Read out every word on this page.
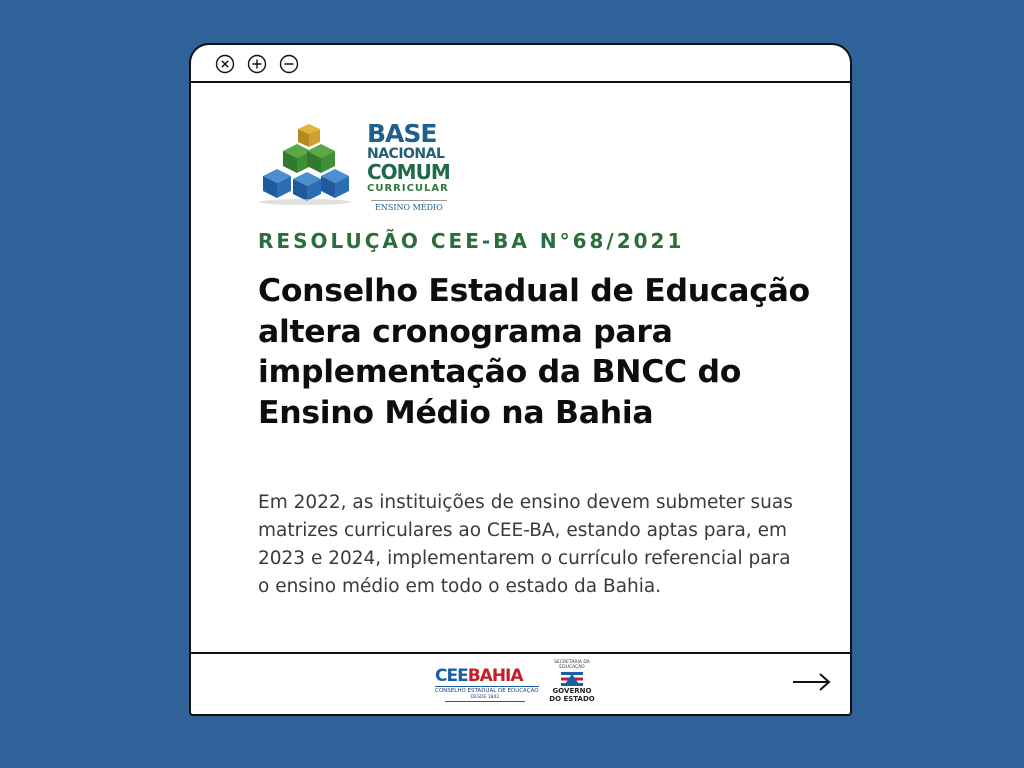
BASE
NACIONAL
COMUM
CURRICULAR
ENSINO MÉDIO
RESOLUÇÃO CEE-BA N°68/2021
Conselho Estadual de Educação altera cronograma para implementação da BNCC do Ensino Médio na Bahia
Em 2022, as instituições de ensino devem submeter suas matrizes curriculares ao CEE-BA, estando aptas para, em 2023 e 2024, implementarem o currículo referencial para o ensino médio em todo o estado da Bahia.
CEEBAHIA
CONSELHO ESTADUAL DE EDUCAÇÃO
DESDE 1842
SECRETARIA DA EDUCAÇÃO
GOVERNO
DO ESTADO
